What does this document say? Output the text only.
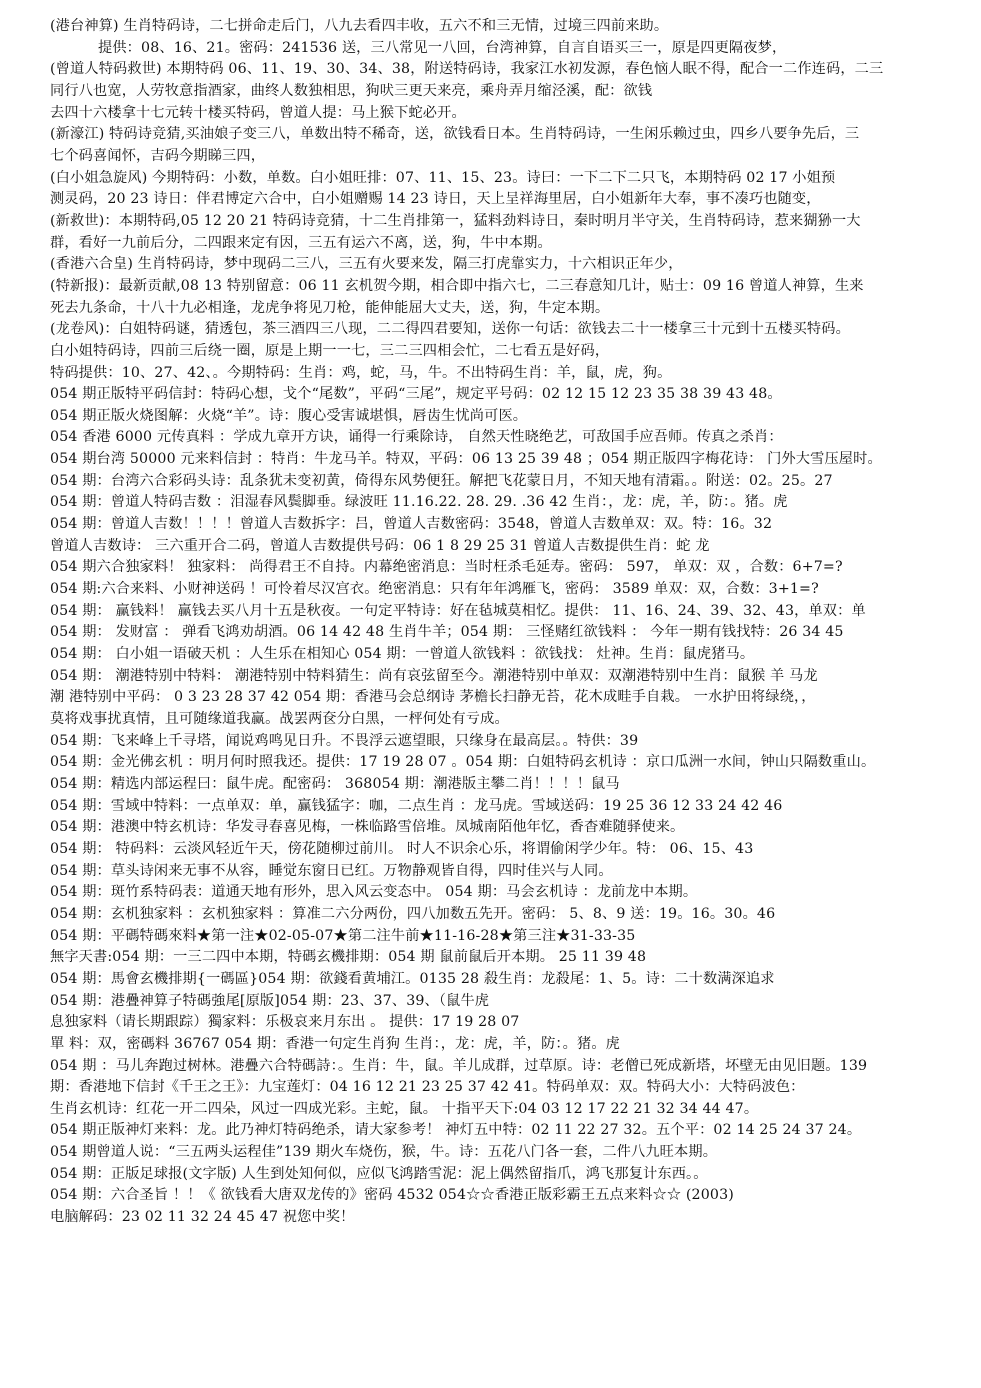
(港台神算) 生肖特码诗，二七拼命走后门，八九去看四丰收，五六不和三无情，过境三四前来助。
提供：08、16、21。密码：241536 送，三八常见一八回，台湾神算，自言自语买三一，原是四更隔夜梦，
(曾道人特码救世) 本期特码 06、11、19、30、34、38，附送特码诗，我家江水初发源，春色恼人眠不得，配合一二作连码，二三
同行八也宽，人劳牧意指酒家，曲终人数独相思，狗吠三更天来亮，乘舟弄月缩泾溪，配：欲钱
去四十六楼拿十七元转十楼买特码，曾道人提：马上猴下蛇必开。
(新濠江) 特码诗竞猜,买油娘子变三八，单数出特不稀奇，送，欲钱看日本。生肖特码诗，一生闲乐赖过虫，四乡八要争先后，三
七个码喜闻怀，吉码今期睇三四，
(白小姐急旋风) 今期特码：小数，单数。白小姐旺排：07、11、15、23。诗曰：一下二下二只飞，本期特码 02 17 小姐预
测灵码，20 23 诗日：伴君博定六合中，白小姐赠赐 14 23 诗日，天上呈祥海里居，白小姐新年大奉，事不凑巧也随变，
(新救世)：本期特码,05 12 20 21 特码诗竞猜，十二生肖排第一，猛料劲料诗日，秦时明月半守关，生肖特码诗，惹来猢狲一大
群，看好一九前后分，二四跟来定有因，三五有运六不离，送，狗，牛中本期。
(香港六合皇) 生肖特码诗，梦中现码二三八，三五有火要来发，隔三打虎靠实力，十六相识正年少，
(特新报)：最新贡献,08 13 特别留意：06 11 玄机贺今期，相合即中指六七，二三春意知几计，贴士：09 16 曾道人神算，生来
死去九条命，十八十九必相逢，龙虎争将见刀枪，能伸能屈大丈夫，送，狗，牛定本期。
(龙卷风)：白姐特码谜，猜透包，茶三酒四三八现，二二得四君要知，送你一句话：欲钱去二十一楼拿三十元到十五楼买特码。
白小姐特码诗，四前三后绕一圈，原是上期一一七，三二三四相会忙，二七看五是好码，
特码提供：10、27、42、。今期特码：生肖：鸡，蛇，马，牛。不出特码生肖：羊，鼠，虎，狗。
054 期正版特平码信封：特码心想，戈个“尾数”，平码“三尾”，规定平号码：02 12 15 12 23 35 38 39 43 48。
054 期正版火烧图解：火烧“羊”。诗：腹心受害诚堪惧，唇齿生忧尚可医。
054 香港 6000 元传真料 ：学成九章开方诀，诵得一行乘除诗， 自然天性晓绝艺，可敌国手应吾师。传真之杀肖：
054 期台湾 50000 元来料信封 ：特肖：牛龙马羊。特双，平码：06 13 25 39 48 ；054 期正版四字梅花诗： 门外大雪压屋时。
054 期：台湾六合彩码头诗：乱条犹未变初黄，倚得东风势便狂。解把飞花蒙日月，不知天地有清霜。。附送：02。25。27
054 期：曾道人特码吉数 ：泪湿春风鬓脚垂。绿波旺 11.16.22. 28. 29. .36 42 生肖：，龙：虎，羊，防：。猪。虎
054 期：曾道人吉数！！！！曾道人吉数拆字：吕，曾道人吉数密码：3548，曾道人吉数单双：双。特：16。32
曾道人吉数诗： 三六重开合二码，曾道人吉数提供号码：06 1 8 29 25 31 曾道人吉数提供生肖：蛇 龙
054 期六合独家料！ 独家料： 尚得君王不自持。内幕绝密消息：当时枉杀毛延寿。密码： 597， 单双：双 ，合数：6+7=?
054 期:六合来料、小财神送码 ！可怜着尽汉宫衣。绝密消息：只有年年鸿雁飞，密码： 3589 单双：双，合数：3+1=?
054 期： 赢钱料！ 赢钱去买八月十五是秋夜。一句定平特诗：好在毡城莫相忆。提供： 11、16、24、39、32、43，单双：单
054 期： 发财富 ： 弹看飞鸿劝胡酒。06 14 42 48 生肖牛羊；054 期： 三怪赌红欲钱料 ： 今年一期有钱找特：26 34 45
054 期： 白小姐一语破天机 ：人生乐在相知心 054 期：一曾道人欲钱料 ：欲钱找： 灶神。生肖：鼠虎猪马。
054 期： 潮港特别中特料： 潮港特别中特料猜生：尚有哀弦留至今。潮港特别中单双：双潮港特别中生肖：鼠猴 羊 马龙
潮 港特别中平码： 0 3 23 28 37 42 054 期：香港马会总纲诗 茅檐长扫静无苔，花木成畦手自栽。 一水护田将绿绕，，
莫将戏事扰真情，且可随缘道我赢。战罢两奁分白黑，一枰何处有亏成。
054 期：飞来峰上千寻塔，闻说鸡鸣见日升。不畏浮云遮望眼，只缘身在最高层。。特供：39
054 期：金光佛玄机 ：明月何时照我还。提供：17 19 28 07 。054 期：白姐特码玄机诗 ：京口瓜洲一水间，钟山只隔数重山。
054 期：精选内部运程曰：鼠牛虎。配密码： 368054 期：潮港版主攀二肖！！！！鼠马
054 期：雪域中特料：一点单双：单，赢钱猛字：咖，二点生肖 ：龙马虎。雪域送码：19 25 36 12 33 24 42 46
054 期：港澳中特玄机诗：华发寻春喜见梅，一株临路雪倍堆。凤城南陌他年忆，香杳难随驿使来。
054 期： 特码料：云淡风轻近午天，傍花随柳过前川。 时人不识余心乐，将谓偷闲学少年。特： 06、15、43
054 期：草头诗闲来无事不从容，睡觉东窗日已红。万物静观皆自得，四时佳兴与人同。
054 期：斑竹系特码表：道通天地有形外，思入风云变态中。 054 期：马会玄机诗 ：龙前龙中本期。
054 期：玄机独家料 ：玄机独家料 ：算准二六分两份，四八加数五先开。密码： 5、8、9 送：19。16。30。46
054 期：平碼特碼來料★第一注★02-05-07★第二注牛前★11-16-28★第三注★31-33-35
無字天書:054 期：一三二四中本期，特碼玄機排期：054 期 鼠前鼠后开本期。 25 11 39 48
054 期：馬會玄機排期{一碼區}054 期：欲錢看黄埔江。0135 28 殺生肖：龙殺尾：1、5。诗：二十数满深追求
054 期：港疊神算子特碼強尾[原版]054 期：23、37、39、（鼠牛虎
息独家料（请长期跟踪）獨家料：乐极哀来月东出 。 提供：17 19 28 07
單 料：双，密碼料 36767 054 期：香港一句定生肖狗 生肖：，龙：虎，羊，防：。猪。虎
054 期 ：马儿奔跑过树林。港疊六合特碼詩：。生肖：牛，鼠。羊儿成群，过草原。诗：老僧已死成新塔，坏壁无由见旧题。139
期：香港地下信封《千王之王》：九宝莲灯：04 16 12 21 23 25 37 42 41。特码单双：双。特码大小：大特码波色：
生肖玄机诗：红花一开二四朵，风过一四成光彩。主蛇，鼠。 十指平天下:04 03 12 17 22 21 32 34 44 47。
054 期正版神灯来料：龙。此乃神灯特码绝杀，请大家参考！ 神灯五中特：02 11 22 27 32。五个平：02 14 25 24 37 24。
054 期曾道人说：“三五两头运程佳”139 期火车烧伤，猴，牛。诗：五花八门各一套，二件八九旺本期。
054 期：正版足球报(文字版) 人生到处知何似，应似飞鸿踏雪泥：泥上偶然留指爪，鸿飞那复计东西。。
054 期：六合圣旨 ！！《 欲钱看大唐双龙传的》密码 4532 054☆☆香港正版彩霸王五点来料☆☆ (2003)
电脑解码：23 02 11 32 24 45 47 祝您中奖！
